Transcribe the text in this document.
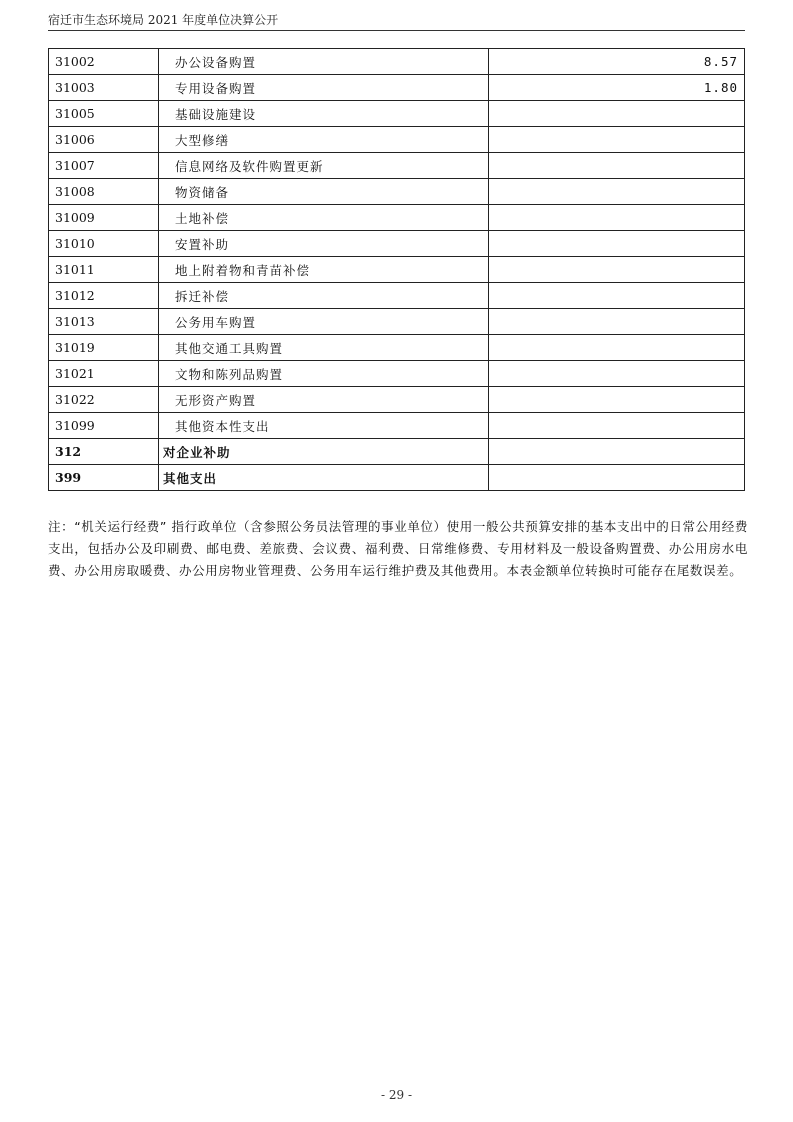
宿迁市生态环境局 2021 年度单位决算公开
31002	办公设备购置	8.57
31003	专用设备购置	1.80
31005	基础设施建设	
31006	大型修缮	
31007	信息网络及软件购置更新	
31008	物资储备	
31009	土地补偿	
31010	安置补助	
31011	地上附着物和青苗补偿	
31012	拆迁补偿	
31013	公务用车购置	
31019	其他交通工具购置	
31021	文物和陈列品购置	
31022	无形资产购置	
31099	其他资本性支出	
312	对企业补助	
399	其他支出	
注：“机关运行经费” 指行政单位（含参照公务员法管理的事业单位）使用一般公共预算安排的基本支出中的日常公用经费支出，包括办公及印刷费、邮电费、差旅费、会议费、福利费、日常维修费、专用材料及一般设备购置费、办公用房水电费、办公用房取暖费、办公用房物业管理费、公务用车运行维护费及其他费用。本表金额单位转换时可能存在尾数误差。
- 29 -
